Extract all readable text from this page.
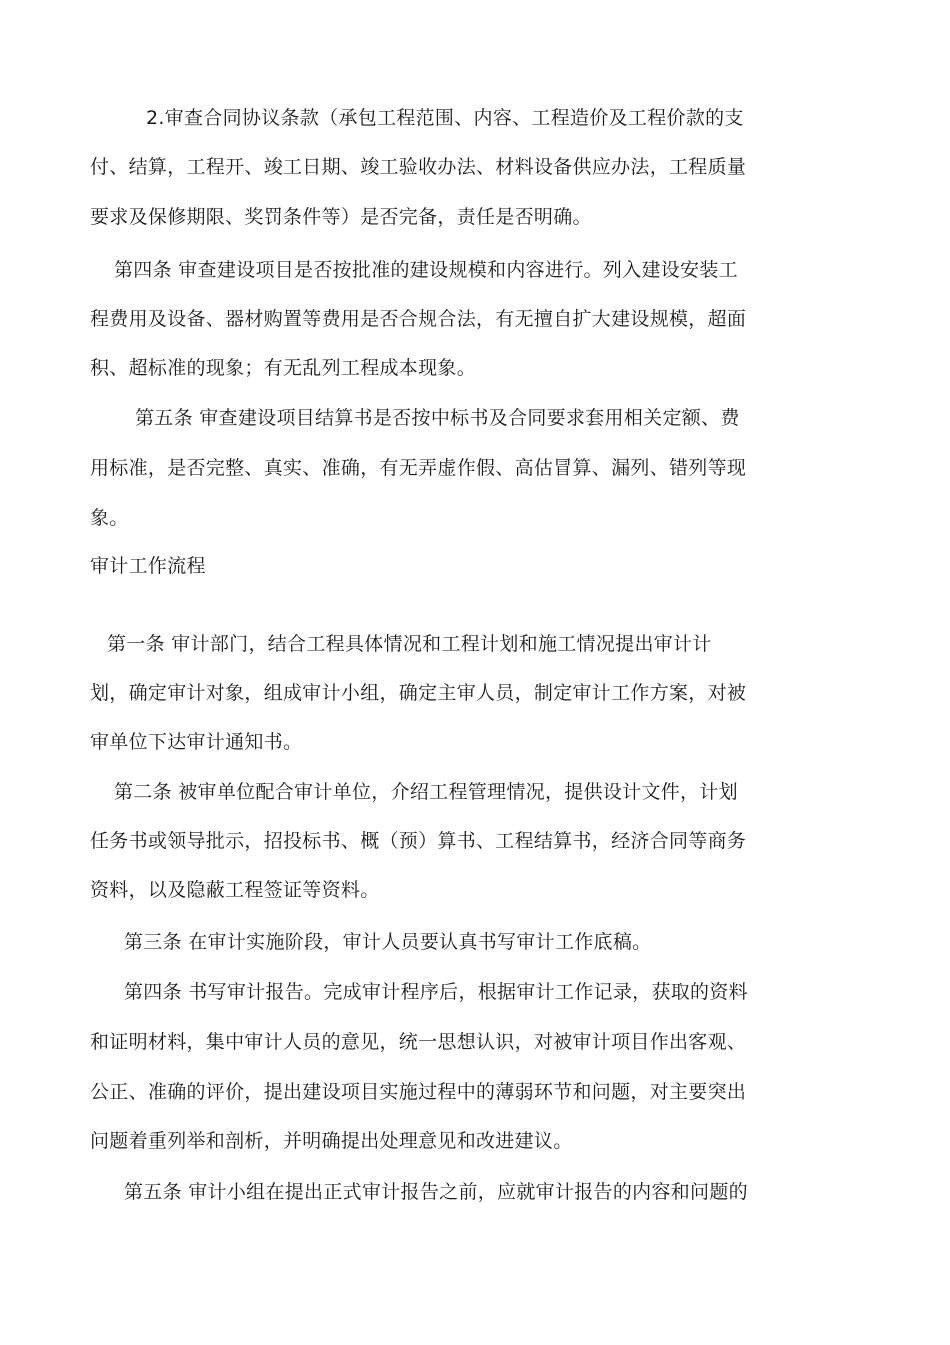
2.审查合同协议条款（承包工程范围、内容、工程造价及工程价款的支
付、结算，工程开、竣工日期、竣工验收办法、材料设备供应办法，工程质量
要求及保修期限、奖罚条件等）是否完备，责任是否明确。
第四条 审查建设项目是否按批准的建设规模和内容进行。列入建设安装工
程费用及设备、器材购置等费用是否合规合法，有无擅自扩大建设规模，超面
积、超标准的现象；有无乱列工程成本现象。
第五条 审查建设项目结算书是否按中标书及合同要求套用相关定额、费
用标准，是否完整、真实、准确，有无弄虚作假、高估冒算、漏列、错列等现
象。
审计工作流程
第一条 审计部门，结合工程具体情况和工程计划和施工情况提出审计计
划，确定审计对象，组成审计小组，确定主审人员，制定审计工作方案，对被
审单位下达审计通知书。
第二条 被审单位配合审计单位，介绍工程管理情况，提供设计文件，计划
任务书或领导批示，招投标书、概（预）算书、工程结算书，经济合同等商务
资料，以及隐蔽工程签证等资料。
第三条 在审计实施阶段，审计人员要认真书写审计工作底稿。
第四条 书写审计报告。完成审计程序后，根据审计工作记录，获取的资料
和证明材料，集中审计人员的意见，统一思想认识，对被审计项目作出客观、
公正、准确的评价，提出建设项目实施过程中的薄弱环节和问题，对主要突出
问题着重列举和剖析，并明确提出处理意见和改进建议。
第五条 审计小组在提出正式审计报告之前，应就审计报告的内容和问题的
